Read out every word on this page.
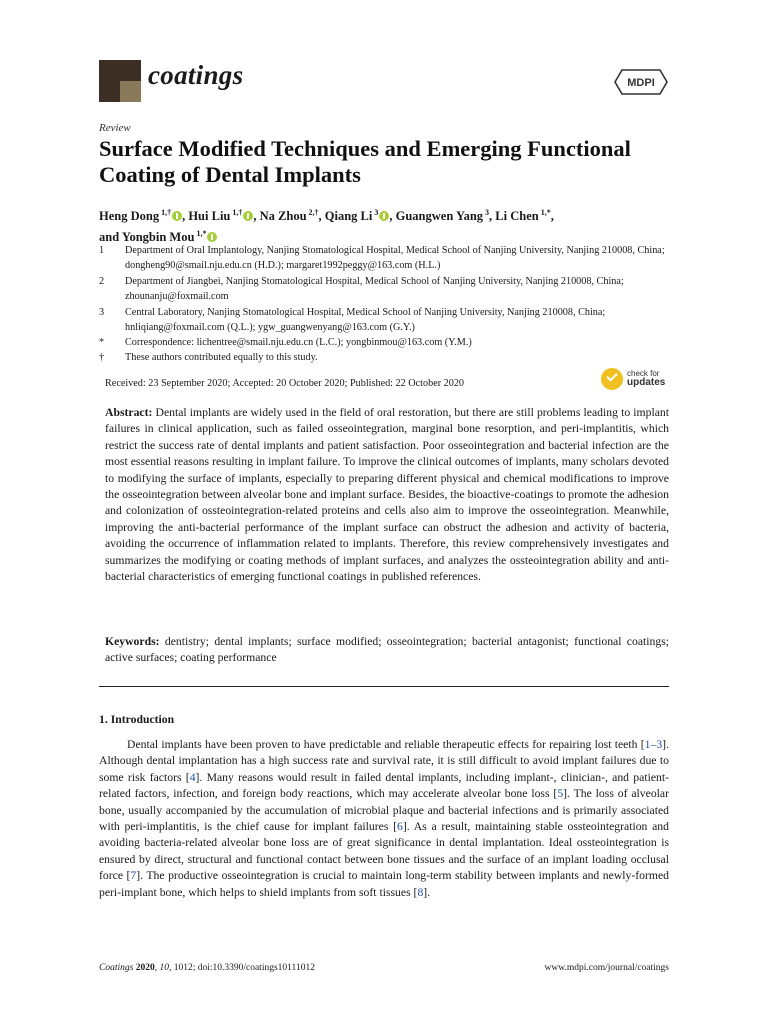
coatings	MDPI
Review
Surface Modified Techniques and Emerging Functional Coating of Dental Implants
Heng Dong $^{1,\dagger}$ , Hui Liu $^{1,\dagger}$ , Na Zhou $^{2,\dagger}$, Qiang Li $^3$ , Guangwen Yang $^3$, Li Chen $^{1,*}$,
and Yongbin Mou $^{1,*}$
1	Department of Oral Implantology, Nanjing Stomatological Hospital, Medical School of Nanjing University, Nanjing 210008, China; dongheng90@smail.nju.edu.cn (H.D.); margaret1992peggy@163.com (H.L.)
2	Department of Jiangbei, Nanjing Stomatological Hospital, Medical School of Nanjing University, Nanjing 210008, China; zhounanju@foxmail.com
3	Central Laboratory, Nanjing Stomatological Hospital, Medical School of Nanjing University, Nanjing 210008, China; hnliqiang@foxmail.com (Q.L.); ygw_guangwenyang@163.com (G.Y.)
*	Correspondence: lichentree@smail.nju.edu.cn (L.C.); yongbinmou@163.com (Y.M.)
†	These authors contributed equally to this study.
Received: 23 September 2020; Accepted: 20 October 2020; Published: 22 October 2020
check for
updates
Abstract: Dental implants are widely used in the field of oral restoration, but there are still problems leading to implant failures in clinical application, such as failed osseointegration, marginal bone resorption, and peri-implantitis, which restrict the success rate of dental implants and patient satisfaction. Poor osseointegration and bacterial infection are the most essential reasons resulting in implant failure. To improve the clinical outcomes of implants, many scholars devoted to modifying the surface of implants, especially to preparing different physical and chemical modifications to improve the osseointegration between alveolar bone and implant surface. Besides, the bioactive-coatings to promote the adhesion and colonization of ossteointegration-related proteins and cells also aim to improve the osseointegration. Meanwhile, improving the anti-bacterial performance of the implant surface can obstruct the adhesion and activity of bacteria, avoiding the occurrence of inflammation related to implants. Therefore, this review comprehensively investigates and summarizes the modifying or coating methods of implant surfaces, and analyzes the ossteointegration ability and anti-bacterial characteristics of emerging functional coatings in published references.
Keywords: dentistry; dental implants; surface modified; osseointegration; bacterial antagonist; functional coatings; active surfaces; coating performance
1. Introduction
Dental implants have been proven to have predictable and reliable therapeutic effects for repairing lost teeth [1–3]. Although dental implantation has a high success rate and survival rate, it is still difficult to avoid implant failures due to some risk factors [4]. Many reasons would result in failed dental implants, including implant-, clinician-, and patient-related factors, infection, and foreign body reactions, which may accelerate alveolar bone loss [5]. The loss of alveolar bone, usually accompanied by the accumulation of microbial plaque and bacterial infections and is primarily associated with peri-implantitis, is the chief cause for implant failures [6]. As a result, maintaining stable ossteointegration and avoiding bacteria-related alveolar bone loss are of great significance in dental implantation. Ideal ossteointegration is ensured by direct, structural and functional contact between bone tissues and the surface of an implant loading occlusal force [7]. The productive osseointegration is crucial to maintain long-term stability between implants and newly-formed peri-implant bone, which helps to shield implants from soft tissues [8].
Coatings 2020, 10, 1012; doi:10.3390/coatings10111012	www.mdpi.com/journal/coatings
